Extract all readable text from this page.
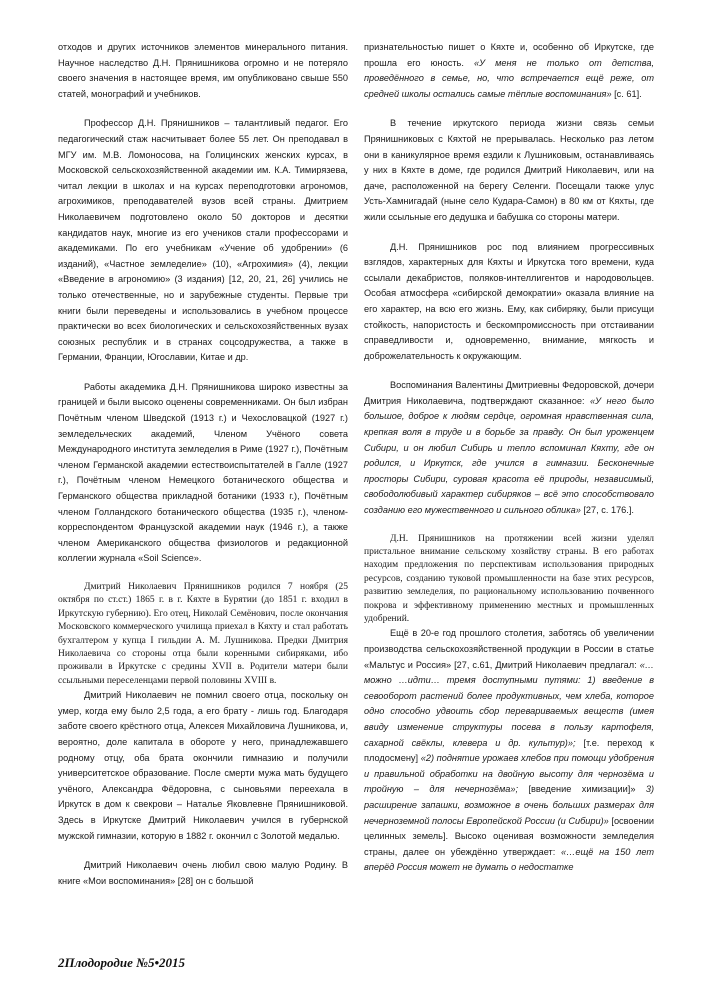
отходов и других источников элементов минерального питания. Научное наследство Д.Н. Прянишникова огромно и не потеряло своего значения в настоящее время, им опубликовано свыше 550 статей, монографий и учебников.

Профессор Д.Н. Прянишников – талантливый педагог. Его педагогический стаж насчитывает более 55 лет. Он преподавал в МГУ им. М.В. Ломоносова, на Голицинских женских курсах, в Московской сельскохозяйственной академии им. К.А. Тимирязева, читал лекции в школах и на курсах переподготовки агрономов, агрохимиков, преподавателей вузов всей страны. Дмитрием Николаевичем подготовлено около 50 докторов и десятки кандидатов наук, многие из его учеников стали профессорами и академиками. По его учебникам «Учение об удобрении» (6 изданий), «Частное земледелие» (10), «Агрохимия» (4), лекции «Введение в агрономию» (3 издания) [12, 20, 21, 26] учились не только отечественные, но и зарубежные студенты. Первые три книги были переведены и использовались в учебном процессе практически во всех биологических и сельскохозяйственных вузах союзных республик и в странах соцсодружества, а также в Германии, Франции, Югославии, Китае и др.

Работы академика Д.Н. Прянишникова широко известны за границей и были высоко оценены современниками. Он был избран Почётным членом Шведской (1913 г.) и Чехословацкой (1927 г.) земледельческих академий, Членом Учёного совета Международного института земледелия в Риме (1927 г.), Почётным членом Германской академии естествоиспытателей в Галле (1927 г.), Почётным членом Немецкого ботанического общества и Германского общества прикладной ботаники (1933 г.), Почётным членом Голландского ботанического общества (1935 г.), членом-корреспондентом Французской академии наук (1946 г.), а также членом Американского общества физиологов и редакционной коллегии журнала «Soil Science».

Дмитрий Николаевич Прянишников родился 7 ноября (25 октября по ст.ст.) 1865 г. в г. Кяхте в Бурятии (до 1851 г. входил в Иркутскую губернию). Его отец, Николай Семёнович, после окончания Московского коммерческого училища приехал в Кяхту и стал работать бухгалтером у купца I гильдии А. М. Лушникова. Предки Дмитрия Николаевича со стороны отца были коренными сибиряками, ибо проживали в Иркутске с средины XVII в. Родители матери были ссыльными переселенцами первой половины XVIII в.

Дмитрий Николаевич не помнил своего отца, поскольку он умер, когда ему было 2,5 года, а его брату - лишь год. Благодаря заботе своего крёстного отца, Алексея Михайловича Лушникова, и, вероятно, доле капитала в обороте у него, принадлежавшего родному отцу, оба брата окончили гимназию и получили университетское образование. После смерти мужа мать будущего учёного, Александра Фёдоровна, с сыновьями переехала в Иркутск в дом к свекрови – Наталье Яковлевне Прянишниковой. Здесь в Иркутске Дмитрий Николаевич учился в губернской мужской гимназии, которую в 1882 г. окончил с Золотой медалью.

Дмитрий Николаевич очень любил свою малую Родину. В книге «Мои воспоминания» [28] он с большой

признательностью пишет о Кяхте и, особенно об Иркутске, где прошла его юность. «У меня не только от детства, проведённого в семье, но, что встречается ещё реже, от средней школы остались самые тёплые воспоминания» [с. 61].

В течение иркутского периода жизни связь семьи Прянишниковых с Кяхтой не прерывалась. Несколько раз летом они в каникулярное время ездили к Лушниковым, останавливаясь у них в Кяхте в доме, где родился Дмитрий Николаевич, или на даче, расположенной на берегу Селенги. Посещали также улус Усть-Хамнигадай (ныне село Кудара-Самон) в 80 км от Кяхты, где жили ссыльные его дедушка и бабушка со стороны матери.

Д.Н. Прянишников рос под влиянием прогрессивных взглядов, характерных для Кяхты и Иркутска того времени, куда ссылали декабристов, поляков-интеллигентов и народовольцев. Особая атмосфера «сибирской демократии» оказала влияние на его характер, на всю его жизнь. Ему, как сибиряку, были присущи стойкость, напористость и бескомпромиссность при отстаивании справедливости и, одновременно, внимание, мягкость и доброжелательность к окружающим.

Воспоминания Валентины Дмитриевны Федоровской, дочери Дмитрия Николаевича, подтверждают сказанное: «У него было большое, доброе к людям сердце, огромная нравственная сила, крепкая воля в труде и в борьбе за правду. Он был уроженцем Сибири, и он любил Сибирь и тепло вспоминал Кяхту, где он родился, и Иркутск, где учился в гимназии. Бесконечные просторы Сибири, суровая красота её природы, независимый, свободолюбивый характер сибиряков – всё это способствовало созданию его мужественного и сильного облика» [27, с. 176.].

Д.Н. Прянишников на протяжении всей жизни уделял пристальное внимание сельскому хозяйству страны. В его работах находим предложения по перспективам использования природных ресурсов, созданию туковой промышленности на базе этих ресурсов, развитию земледелия, по рациональному использованию почвенного покрова и эффективному применению местных и промышленных удобрений.

Ещё в 20-е год прошлого столетия, заботясь об увеличении производства сельскохозяйственной продукции в России в статье «Мальтус и Россия» [27, с.61, Дмитрий Николаевич предлагал: «…можно …идти… тремя доступными путями: 1) введение в севооборот растений более продуктивных, чем хлеба, которое одно способно удвоить сбор перевариваемых веществ (имея ввиду изменение структуры посева в пользу картофеля, сахарной свёклы, клевера и др. культур)»; [т.е. переход к плодосмену] «2) поднятие урожаев хлебов при помощи удобрения и правильной обработки на двойную высоту для чернозёма и тройную – для нечернозёма»; [введение химизации]» 3) расширение запашки, возможное в очень больших размерах для нечерноземной полосы Европейской России (и Сибири)» [освоении целинных земель]. Высоко оценивая возможности земледелия страны, далее он убеждённо утверждает: «…ещё на 150 лет вперёд Россия может не думать о недостатке

2Плодородие №5•2015
